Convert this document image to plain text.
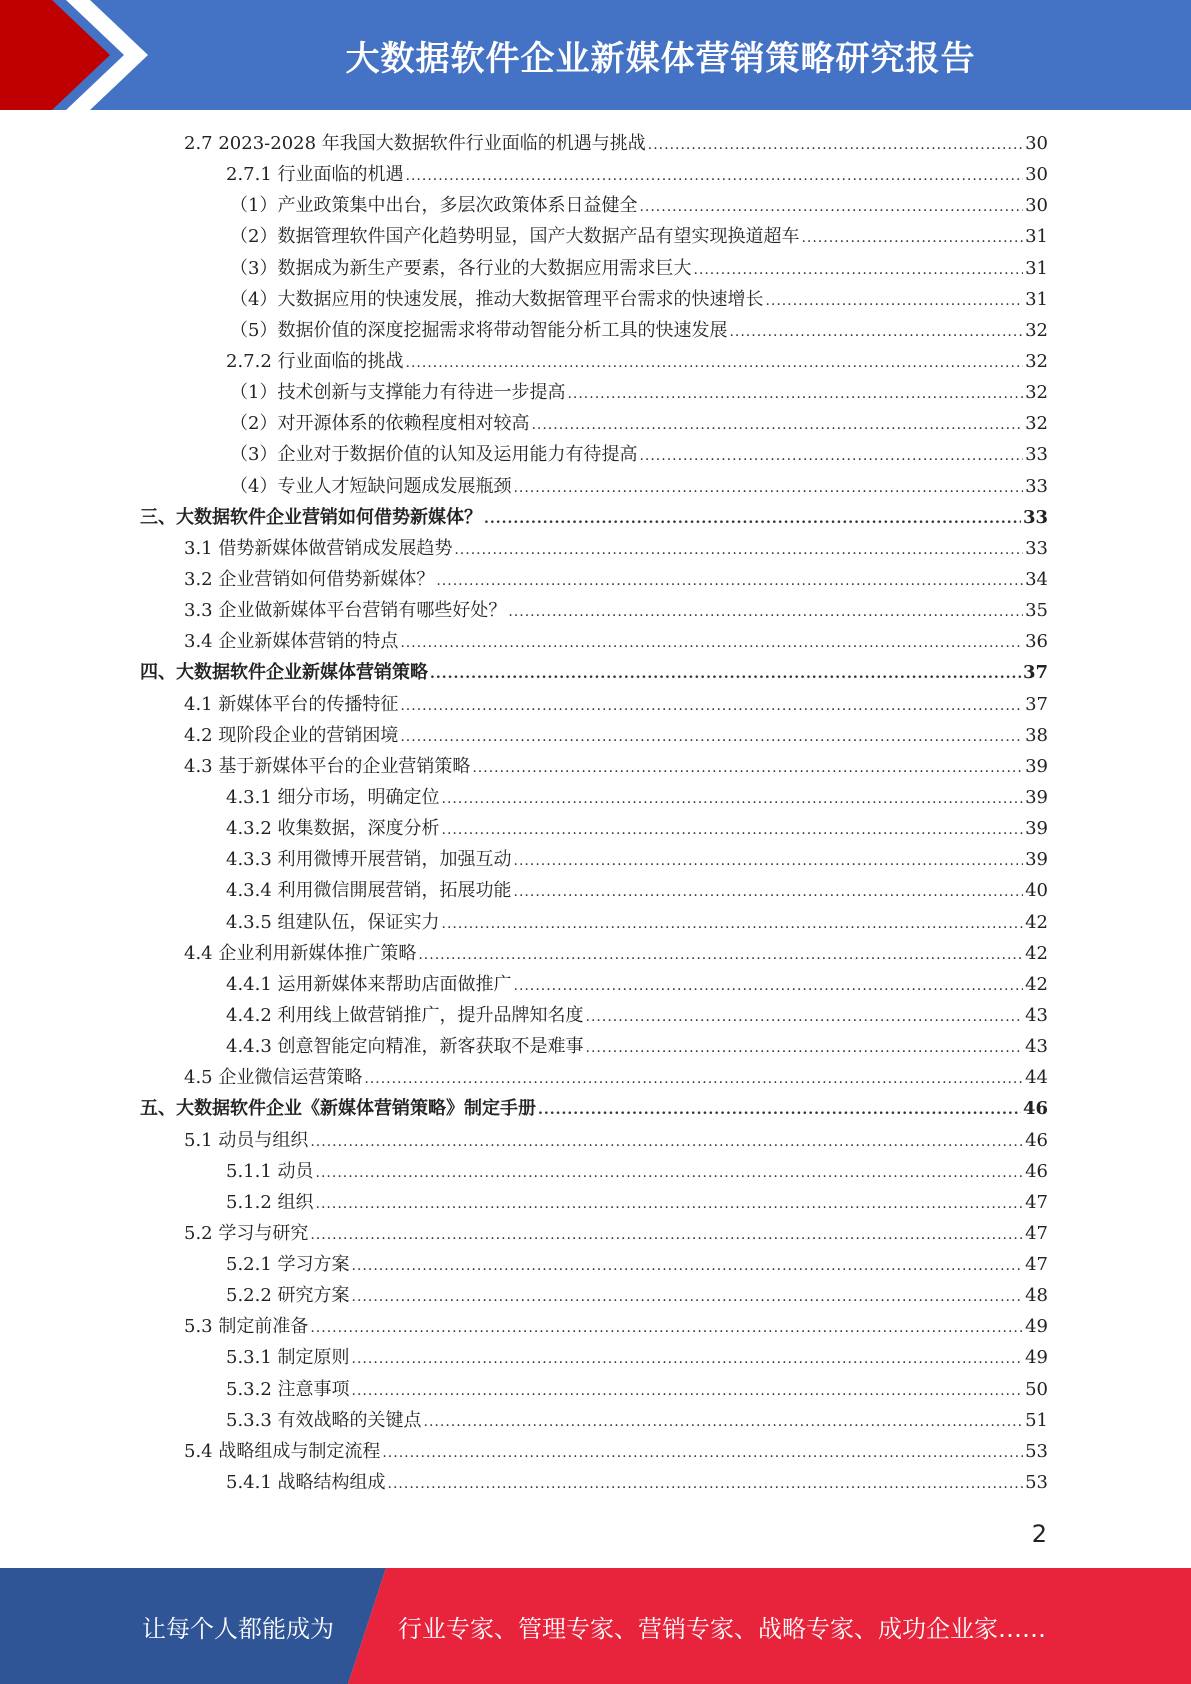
大数据软件企业新媒体营销策略研究报告
2.7 2023-2028 年我国大数据软件行业面临的机遇与挑战 .....	30
2.7.1 行业面临的机遇 .....	30
（1）产业政策集中出台，多层次政策体系日益健全 .....	30
（2）数据管理软件国产化趋势明显，国产大数据产品有望实现换道超车 .....	31
（3）数据成为新生产要素，各行业的大数据应用需求巨大 .....	31
（4）大数据应用的快速发展，推动大数据管理平台需求的快速增长 .....	31
（5）数据价值的深度挖掘需求将带动智能分析工具的快速发展 .....	32
2.7.2 行业面临的挑战 .....	32
（1）技术创新与支撑能力有待进一步提高 .....	32
（2）对开源体系的依赖程度相对较高 .....	32
（3）企业对于数据价值的认知及运用能力有待提高 .....	33
（4）专业人才短缺问题成发展瓶颈 .....	33
三、大数据软件企业营销如何借势新媒体？ .....	33
3.1 借势新媒体做营销成发展趋势 .....	33
3.2 企业营销如何借势新媒体？ .....	34
3.3 企业做新媒体平台营销有哪些好处？ .....	35
3.4 企业新媒体营销的特点 .....	36
四、大数据软件企业新媒体营销策略 .....	37
4.1 新媒体平台的传播特征 .....	37
4.2 现阶段企业的营销困境 .....	38
4.3 基于新媒体平台的企业营销策略 .....	39
4.3.1 细分市场，明确定位 .....	39
4.3.2 收集数据，深度分析 .....	39
4.3.3 利用微博开展营销，加强互动 .....	39
4.3.4 利用微信開展营销，拓展功能 .....	40
4.3.5 组建队伍，保证实力 .....	42
4.4 企业利用新媒体推广策略 .....	42
4.4.1 运用新媒体来帮助店面做推广 .....	42
4.4.2 利用线上做营销推广，提升品牌知名度 .....	43
4.4.3 创意智能定向精准，新客获取不是难事 .....	43
4.5 企业微信运营策略 .....	44
五、大数据软件企业《新媒体营销策略》制定手册 .....	46
5.1 动员与组织 .....	46
5.1.1 动员 .....	46
5.1.2 组织 .....	47
5.2 学习与研究 .....	47
5.2.1 学习方案 .....	47
5.2.2 研究方案 .....	48
5.3 制定前准备 .....	49
5.3.1 制定原则 .....	49
5.3.2 注意事项 .....	50
5.3.3 有效战略的关键点 .....	51
5.4 战略组成与制定流程 .....	53
5.4.1 战略结构组成 .....	53
2
让每个人都能成为	行业专家、管理专家、营销专家、战略专家、成功企业家……
